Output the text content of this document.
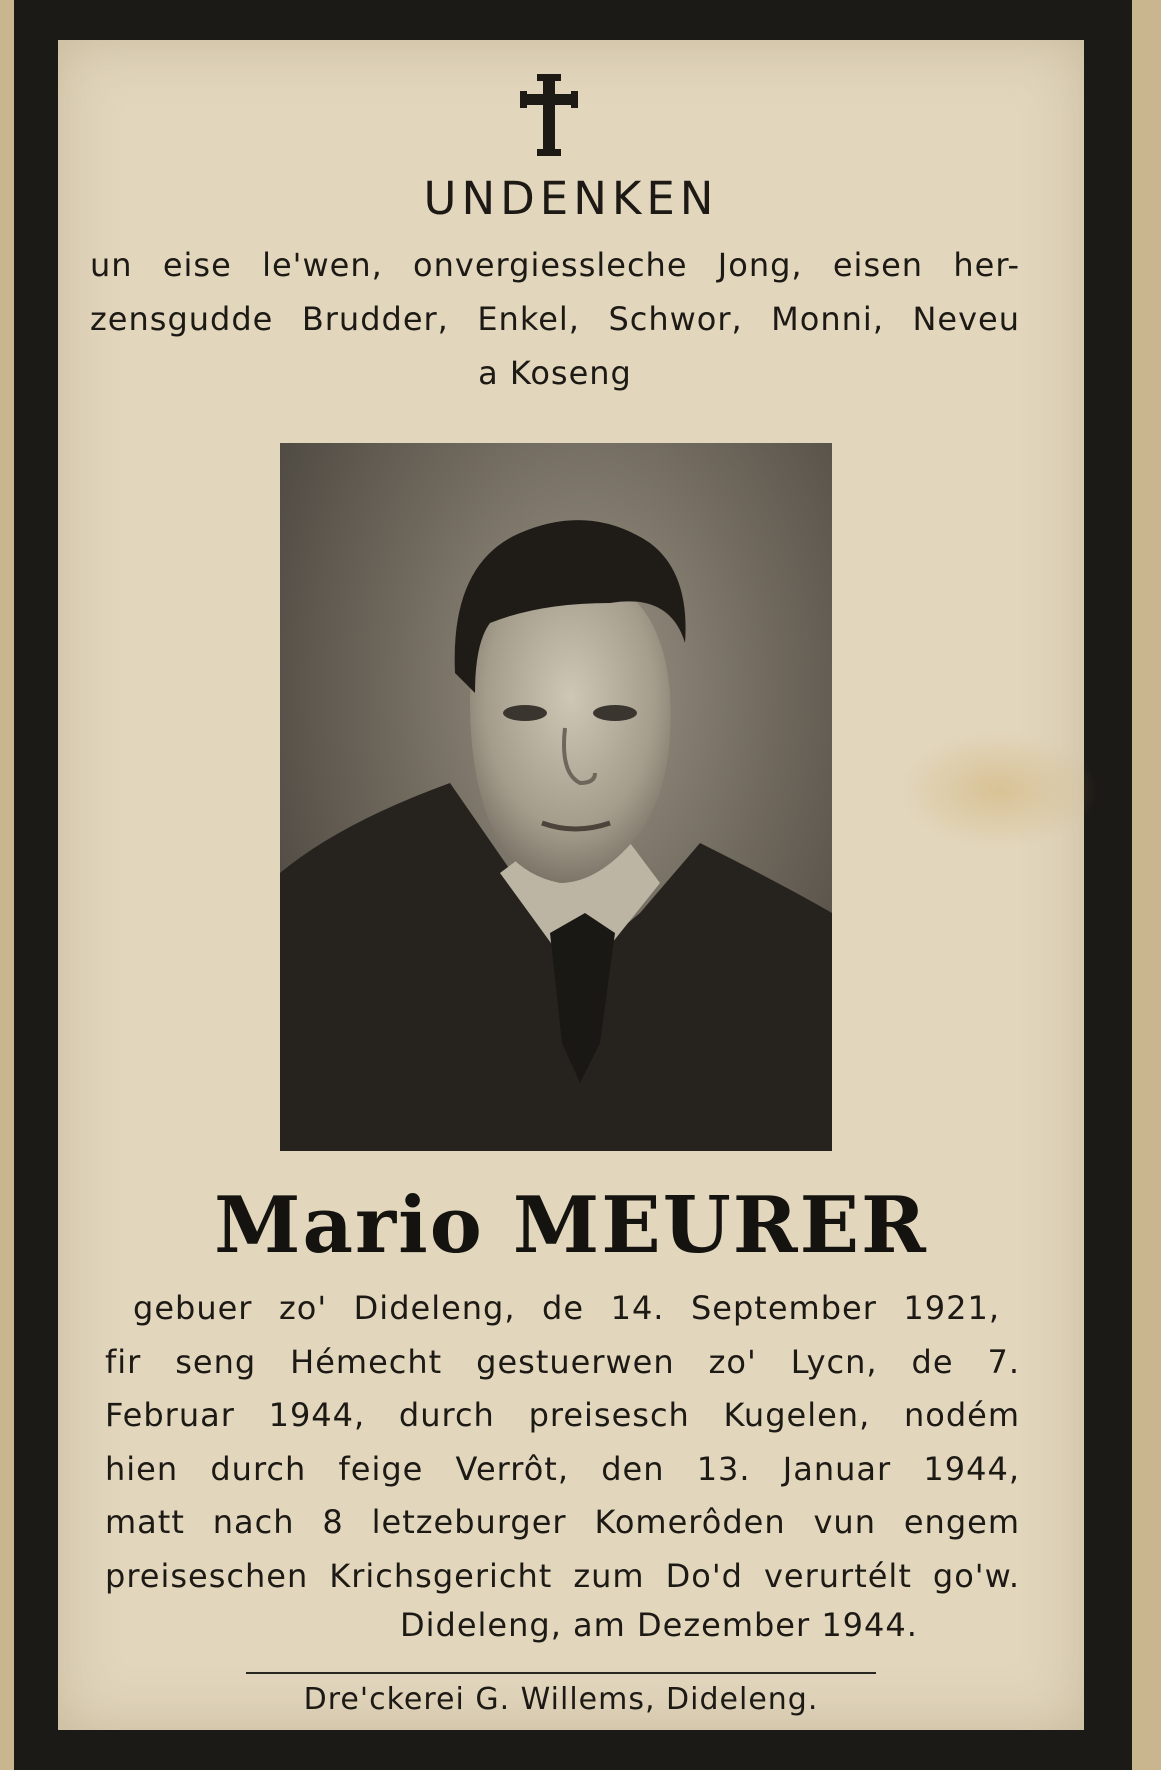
UNDENKEN
un eise le'wen, onvergiessleche Jong, eisen her-
zensgudde Brudder, Enkel, Schwor, Monni, Neveu
a Koseng
Mario MEURER
gebuer zo' Dideleng, de 14. September 1921,
fir seng Hémecht gestuerwen zo' Lycn, de 7.
Februar 1944, durch preisesch Kugelen, nodém
hien durch feige Verrôt, den 13. Januar 1944,
matt nach 8 letzeburger Komerôden vun engem
preiseschen Krichsgericht zum Do'd verurtélt go'w.
Dideleng, am Dezember 1944.
Dre'ckerei G. Willems, Dideleng.
